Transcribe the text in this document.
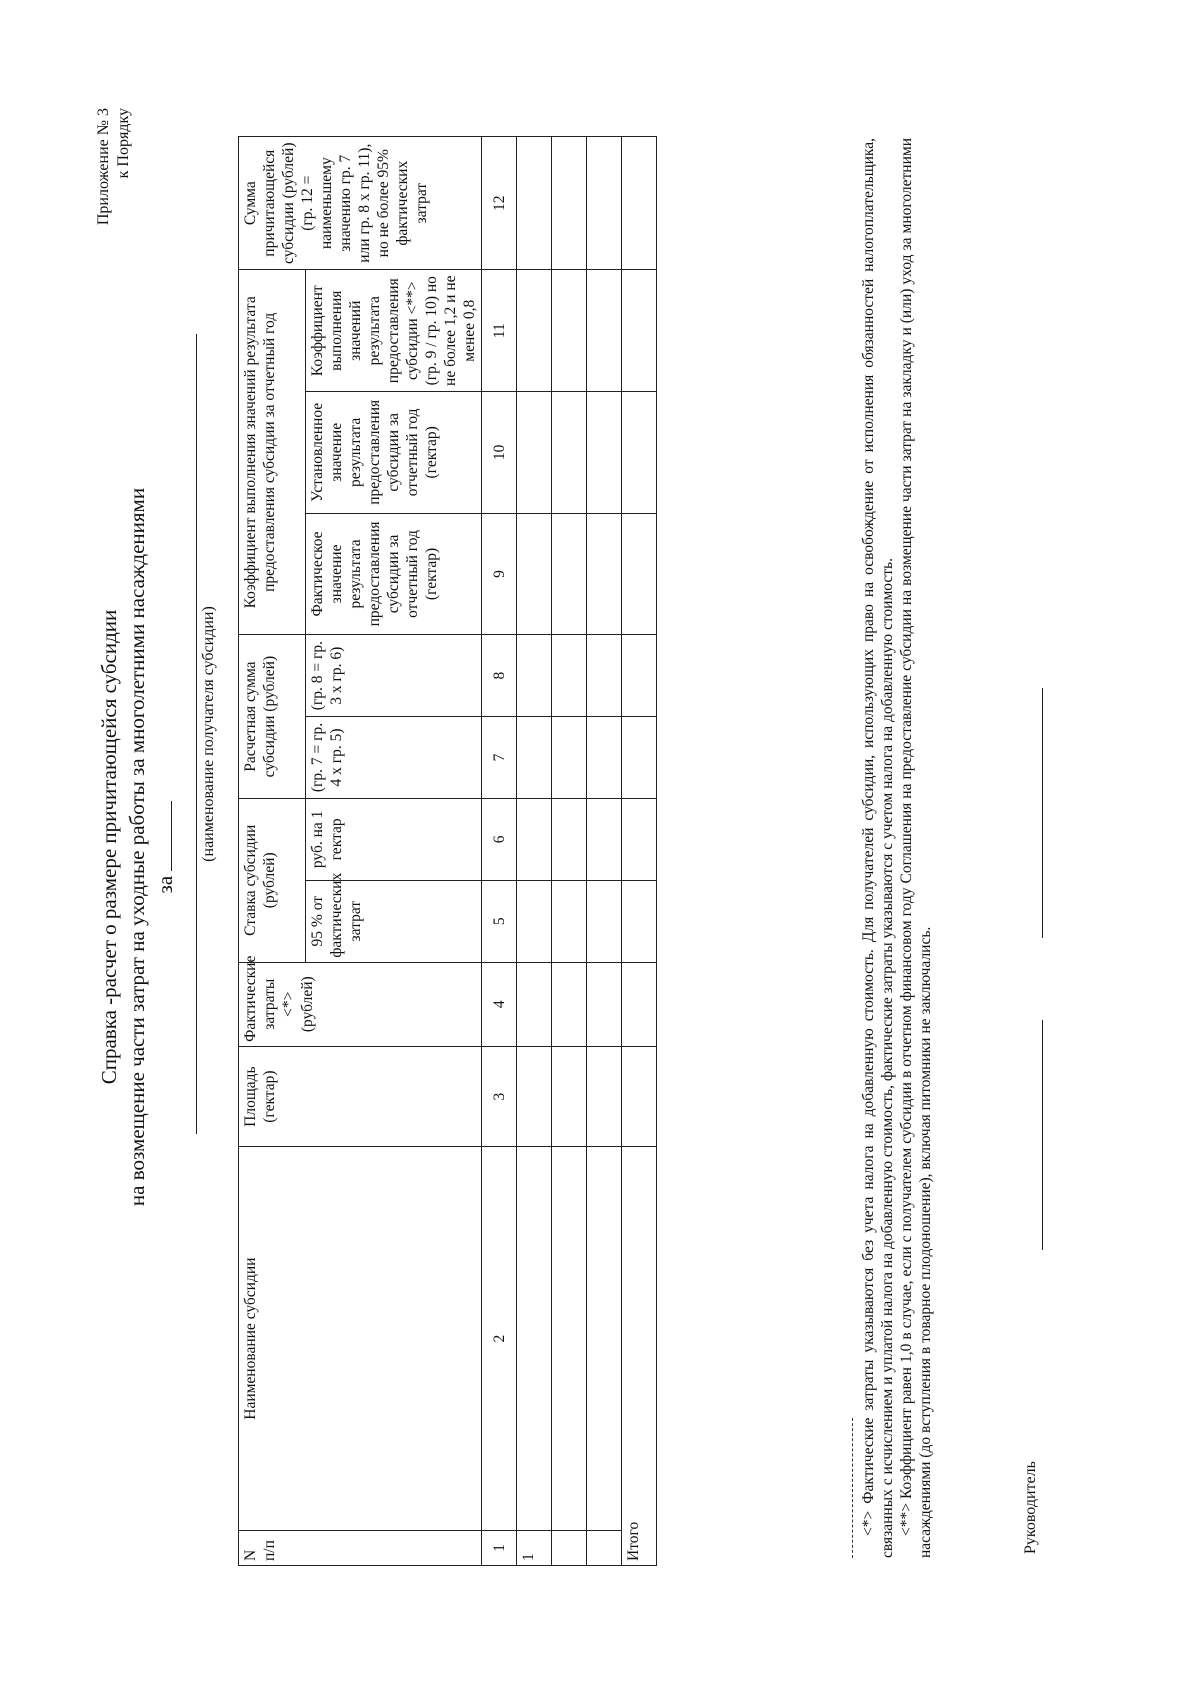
Приложение № 3 к Порядку
Справка -расчет о размере причитающейся субсидии на возмещение части затрат на уходные работы за многолетними насаждениями за
(наименование получателя субсидии)
N п/п	Наименование субсидии	Площадь (гектар)	Фактические затраты <*> (рублей)	Ставка субсидии (рублей)		Расчетная сумма субсидии (рублей)		Коэффициент выполнения значений результата предоставления субсидии за отчетный год			Сумма причитающейся субсидии (рублей) (гр. 12 = наименьшему значению гр. 7 или гр. 8 х гр. 11), но не более 95% фактических затрат
				95 % от фактических затрат	руб. на 1 гектар	(гр. 7 = гр. 4 х гр. 5)	(гр. 8 = гр. 3 х гр. 6)	Фактическое значение результата предоставления субсидии за отчетный год (гектар)	Установленное значение результата предоставления субсидии за отчетный год (гектар)	Коэффициент выполнения значений результата предоставления субсидии <**> (гр. 9 / гр. 10) но не более 1,2 и не менее 0,8	
1	2	3	4	5	6	7	8	9	10	11	12
1											

Итого											

<*> Фактические затраты указываются без учета налога на добавленную стоимость. Для получателей субсидии, использующих право на освобождение от исполнения обязанностей налогоплательщика, связанных с исчислением и уплатой налога на добавленную стоимость, фактические затраты указываются с учетом налога на добавленную стоимость. <**> Коэффициент равен 1,0 в случае, если с получателем субсидии в отчетном финансовом году Соглашения на предоставление субсидии на возмещение части затрат на закладку и (или) уход за многолетними насаждениями (до вступления в товарное плодоношение), включая питомники не заключались.	Руководитель
